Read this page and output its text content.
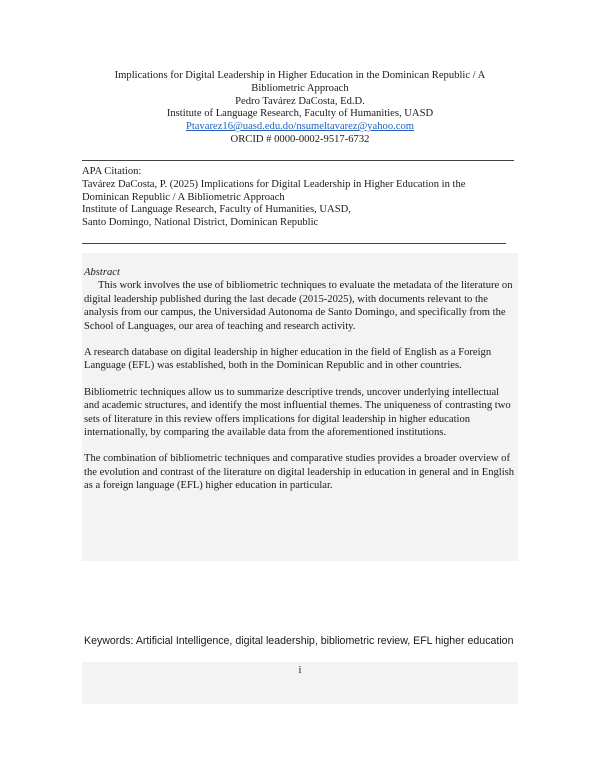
Implications for Digital Leadership in Higher Education in the Dominican Republic / A
Bibliometric Approach
Pedro Tavárez DaCosta, Ed.D.
Institute of Language Research, Faculty of Humanities, UASD
Ptavarez16@uasd.edu.do/nsumeltavarez@yahoo.com
ORCID # 0000-0002-9517-6732
APA Citation:
Tavárez DaCosta, P. (2025) Implications for Digital Leadership in Higher Education in the
Dominican Republic / A Bibliometric Approach
Institute of Language Research, Faculty of Humanities, UASD,
Santo Domingo, National District, Dominican Republic
Abstract

This work involves the use of bibliometric techniques to evaluate the metadata of the literature on digital leadership published during the last decade (2015-2025), with documents relevant to the analysis from our campus, the Universidad Autonoma de Santo Domingo, and specifically from the School of Languages, our area of teaching and research activity.

A research database on digital leadership in higher education in the field of English as a Foreign Language (EFL) was established, both in the Dominican Republic and in other countries.

Bibliometric techniques allow us to summarize descriptive trends, uncover underlying intellectual and academic structures, and identify the most influential themes. The uniqueness of contrasting two sets of literature in this review offers implications for digital leadership in higher education internationally, by comparing the available data from the aforementioned institutions.

The combination of bibliometric techniques and comparative studies provides a broader overview of the evolution and contrast of the literature on digital leadership in education in general and in English as a foreign language (EFL) higher education in particular.

Keywords: Artificial Intelligence, digital leadership, bibliometric review, EFL higher education
i
